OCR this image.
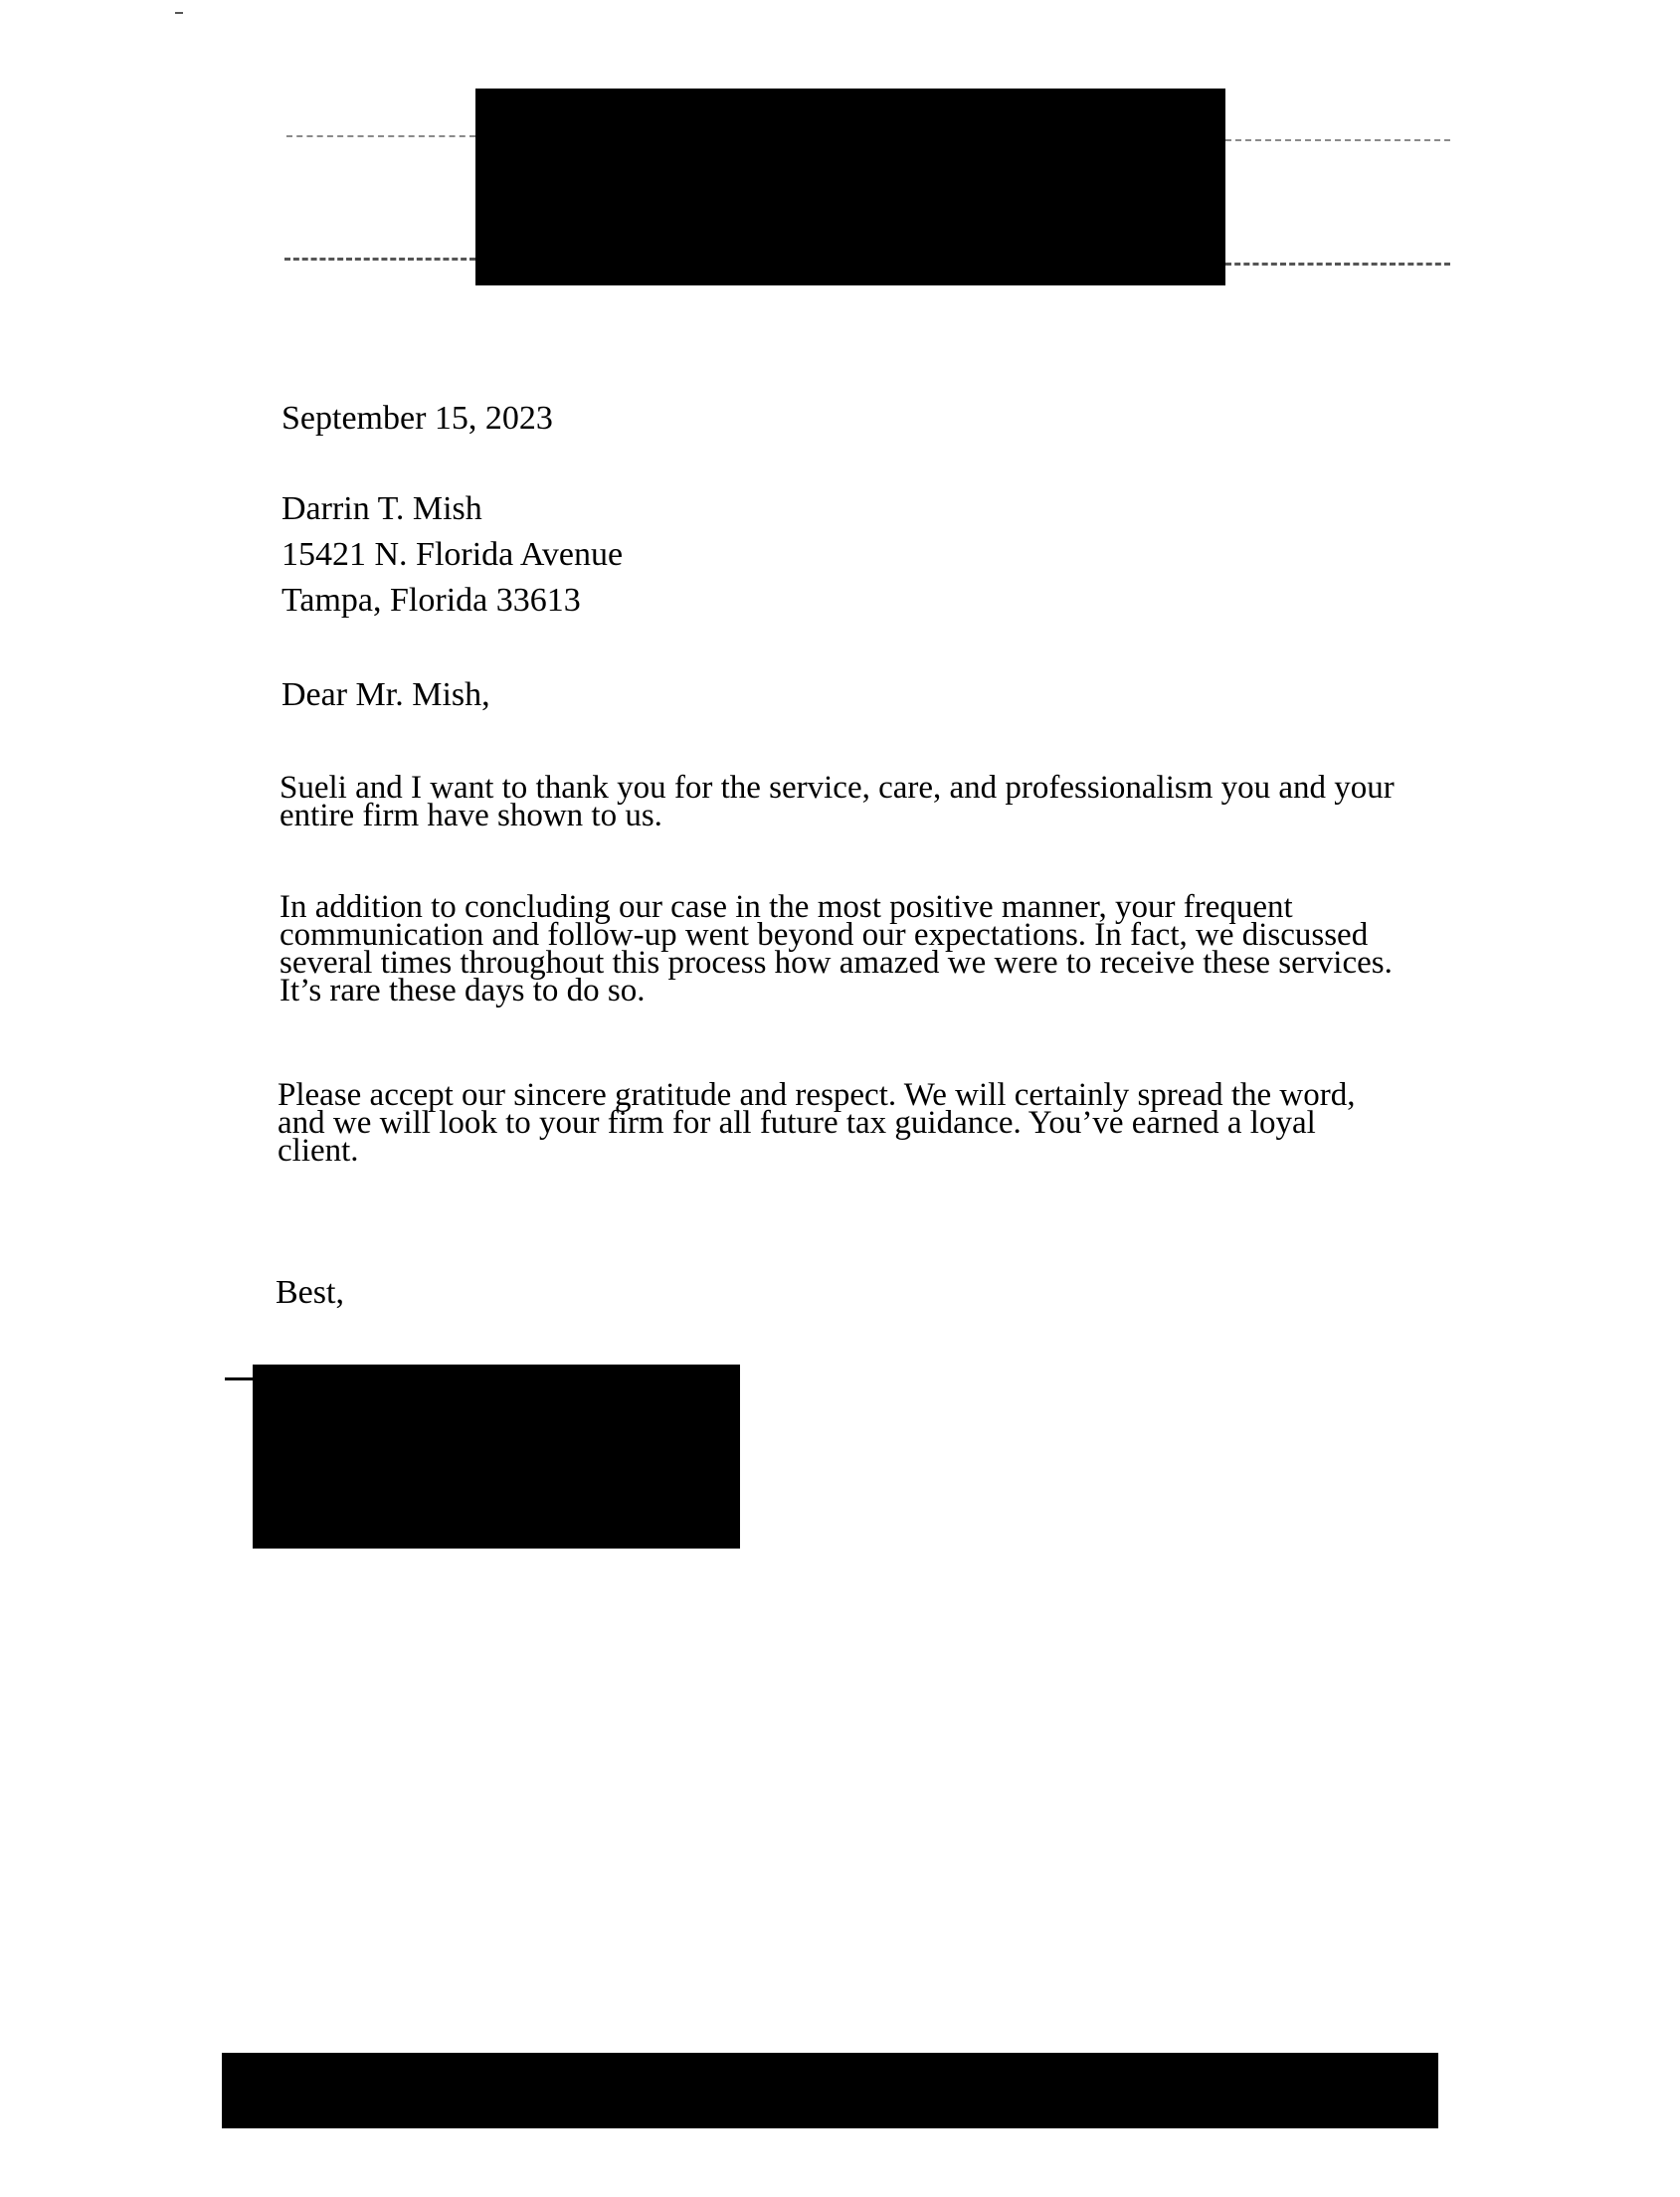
September 15, 2023
Darrin T. Mish
15421 N. Florida Avenue
Tampa, Florida 33613
Dear Mr. Mish,
Sueli and I want to thank you for the service, care, and professionalism you and your
entire firm have shown to us.
In addition to concluding our case in the most positive manner, your frequent
communication and follow-up went beyond our expectations. In fact, we discussed
several times throughout this process how amazed we were to receive these services.
It’s rare these days to do so.
Please accept our sincere gratitude and respect. We will certainly spread the word,
and we will look to your firm for all future tax guidance. You’ve earned a loyal
client.
Best,
